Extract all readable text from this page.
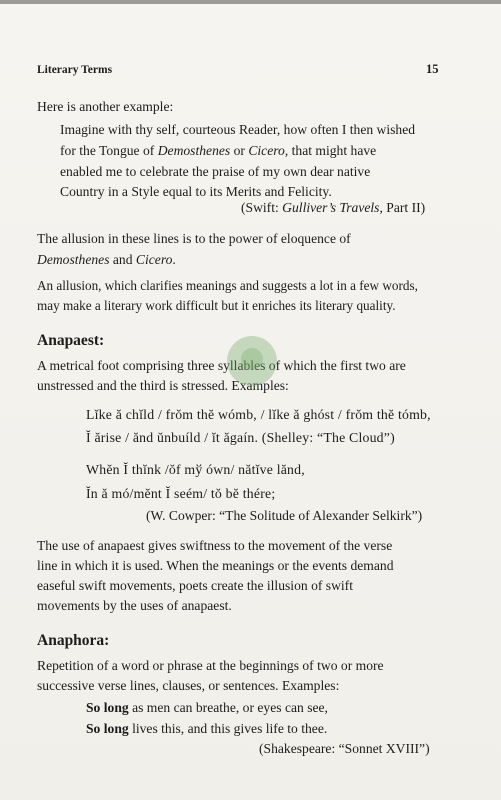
Literary Terms	15
Here is another example:
Imagine with thy self, courteous Reader, how often I then wished
for the Tongue of Demosthenes or Cicero, that might have
enabled me to celebrate the praise of my own dear native
Country in a Style equal to its Merits and Felicity.
(Swift: Gulliver’s Travels, Part II)
The allusion in these lines is to the power of eloquence of
Demosthenes and Cicero.
An allusion, which clarifies meanings and suggests a lot in a few words,
may make a literary work difficult but it enriches its literary quality.
Anapaest:
A metrical foot comprising three syllables of which the first two are
unstressed and the third is stressed. Examples:
Lĭke ă chĭld / frŏm thĕ wómb, / lĭke ă ghóst / frŏm thĕ tómb,
Ĭ ărise / ănd ŭnbuíld / ĭt ăgaín. (Shelley: “The Cloud”)
Whĕn Ĭ thĭnk /ŏf mў ówn/ nătĭve lănd,
Ĭn ă mó/mĕnt Ĭ seém/ tŏ bĕ thére;
(W. Cowper: “The Solitude of Alexander Selkirk”)
The use of anapaest gives swiftness to the movement of the verse
line in which it is used. When the meanings or the events demand
easeful swift movements, poets create the illusion of swift
movements by the uses of anapaest.
Anaphora:
Repetition of a word or phrase at the beginnings of two or more
successive verse lines, clauses, or sentences. Examples:
So long as men can breathe, or eyes can see,
So long lives this, and this gives life to thee.
(Shakespeare: “Sonnet XVIII”)
